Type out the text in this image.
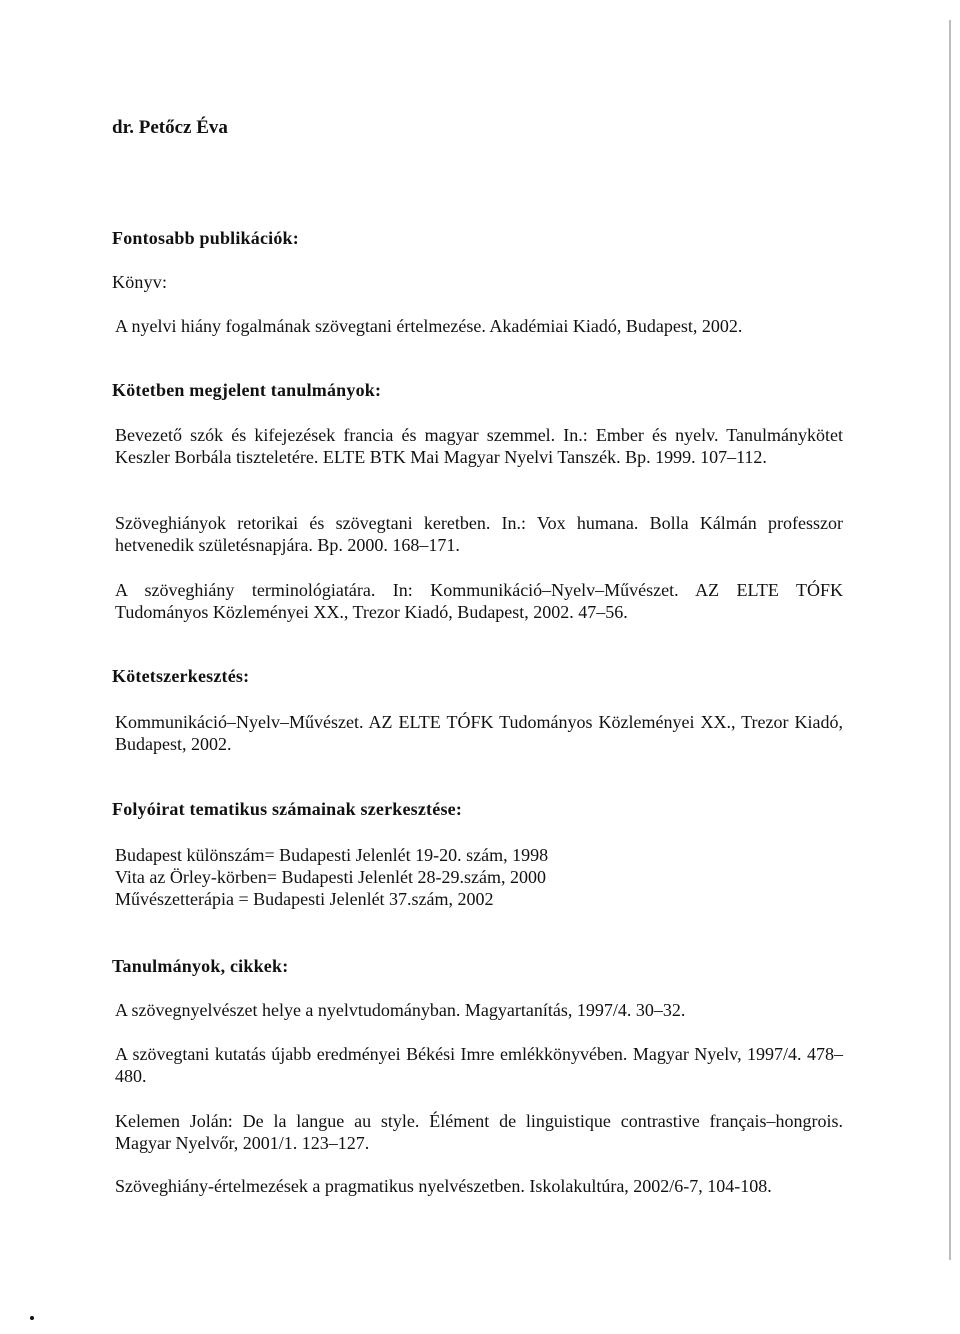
dr. Petőcz Éva
Fontosabb publikációk:
Könyv:

A nyelvi hiány fogalmának szövegtani értelmezése. Akadémiai Kiadó, Budapest, 2002.

Kötetben megjelent tanulmányok:

Bevezető szók és kifejezések francia és magyar szemmel. In.: Ember és nyelv. Tanulmánykötet Keszler Borbála tiszteletére. ELTE BTK Mai Magyar Nyelvi Tanszék. Bp. 1999. 107–112.

Szöveghiányok retorikai és szövegtani keretben. In.: Vox humana. Bolla Kálmán professzor hetvenedik születésnapjára. Bp. 2000. 168–171.

A szöveghiány terminológiatára. In: Kommunikáció–Nyelv–Művészet. AZ ELTE TÓFK Tudományos Közleményei XX., Trezor Kiadó, Budapest, 2002. 47–56.

Kötetszerkesztés:

Kommunikáció–Nyelv–Művészet. AZ ELTE TÓFK Tudományos Közleményei XX., Trezor Kiadó, Budapest, 2002.

Folyóirat tematikus számainak szerkesztése:
Budapest különszám= Budapesti Jelenlét 19-20. szám, 1998
Vita az Örley-körben= Budapesti Jelenlét 28-29.szám, 2000
Művészetterápia = Budapesti Jelenlét 37.szám, 2002
Tanulmányok, cikkek:

A szövegnyelvészet helye a nyelvtudományban. Magyartanítás, 1997/4. 30–32.

A szövegtani kutatás újabb eredményei Békési Imre emlékkönyvében. Magyar Nyelv, 1997/4. 478–480.

Kelemen Jolán: De la langue au style. Élément de linguistique contrastive français–hongrois. Magyar Nyelvőr, 2001/1. 123–127.

Szöveghiány-értelmezések a pragmatikus nyelvészetben. Iskolakultúra, 2002/6-7, 104-108.
